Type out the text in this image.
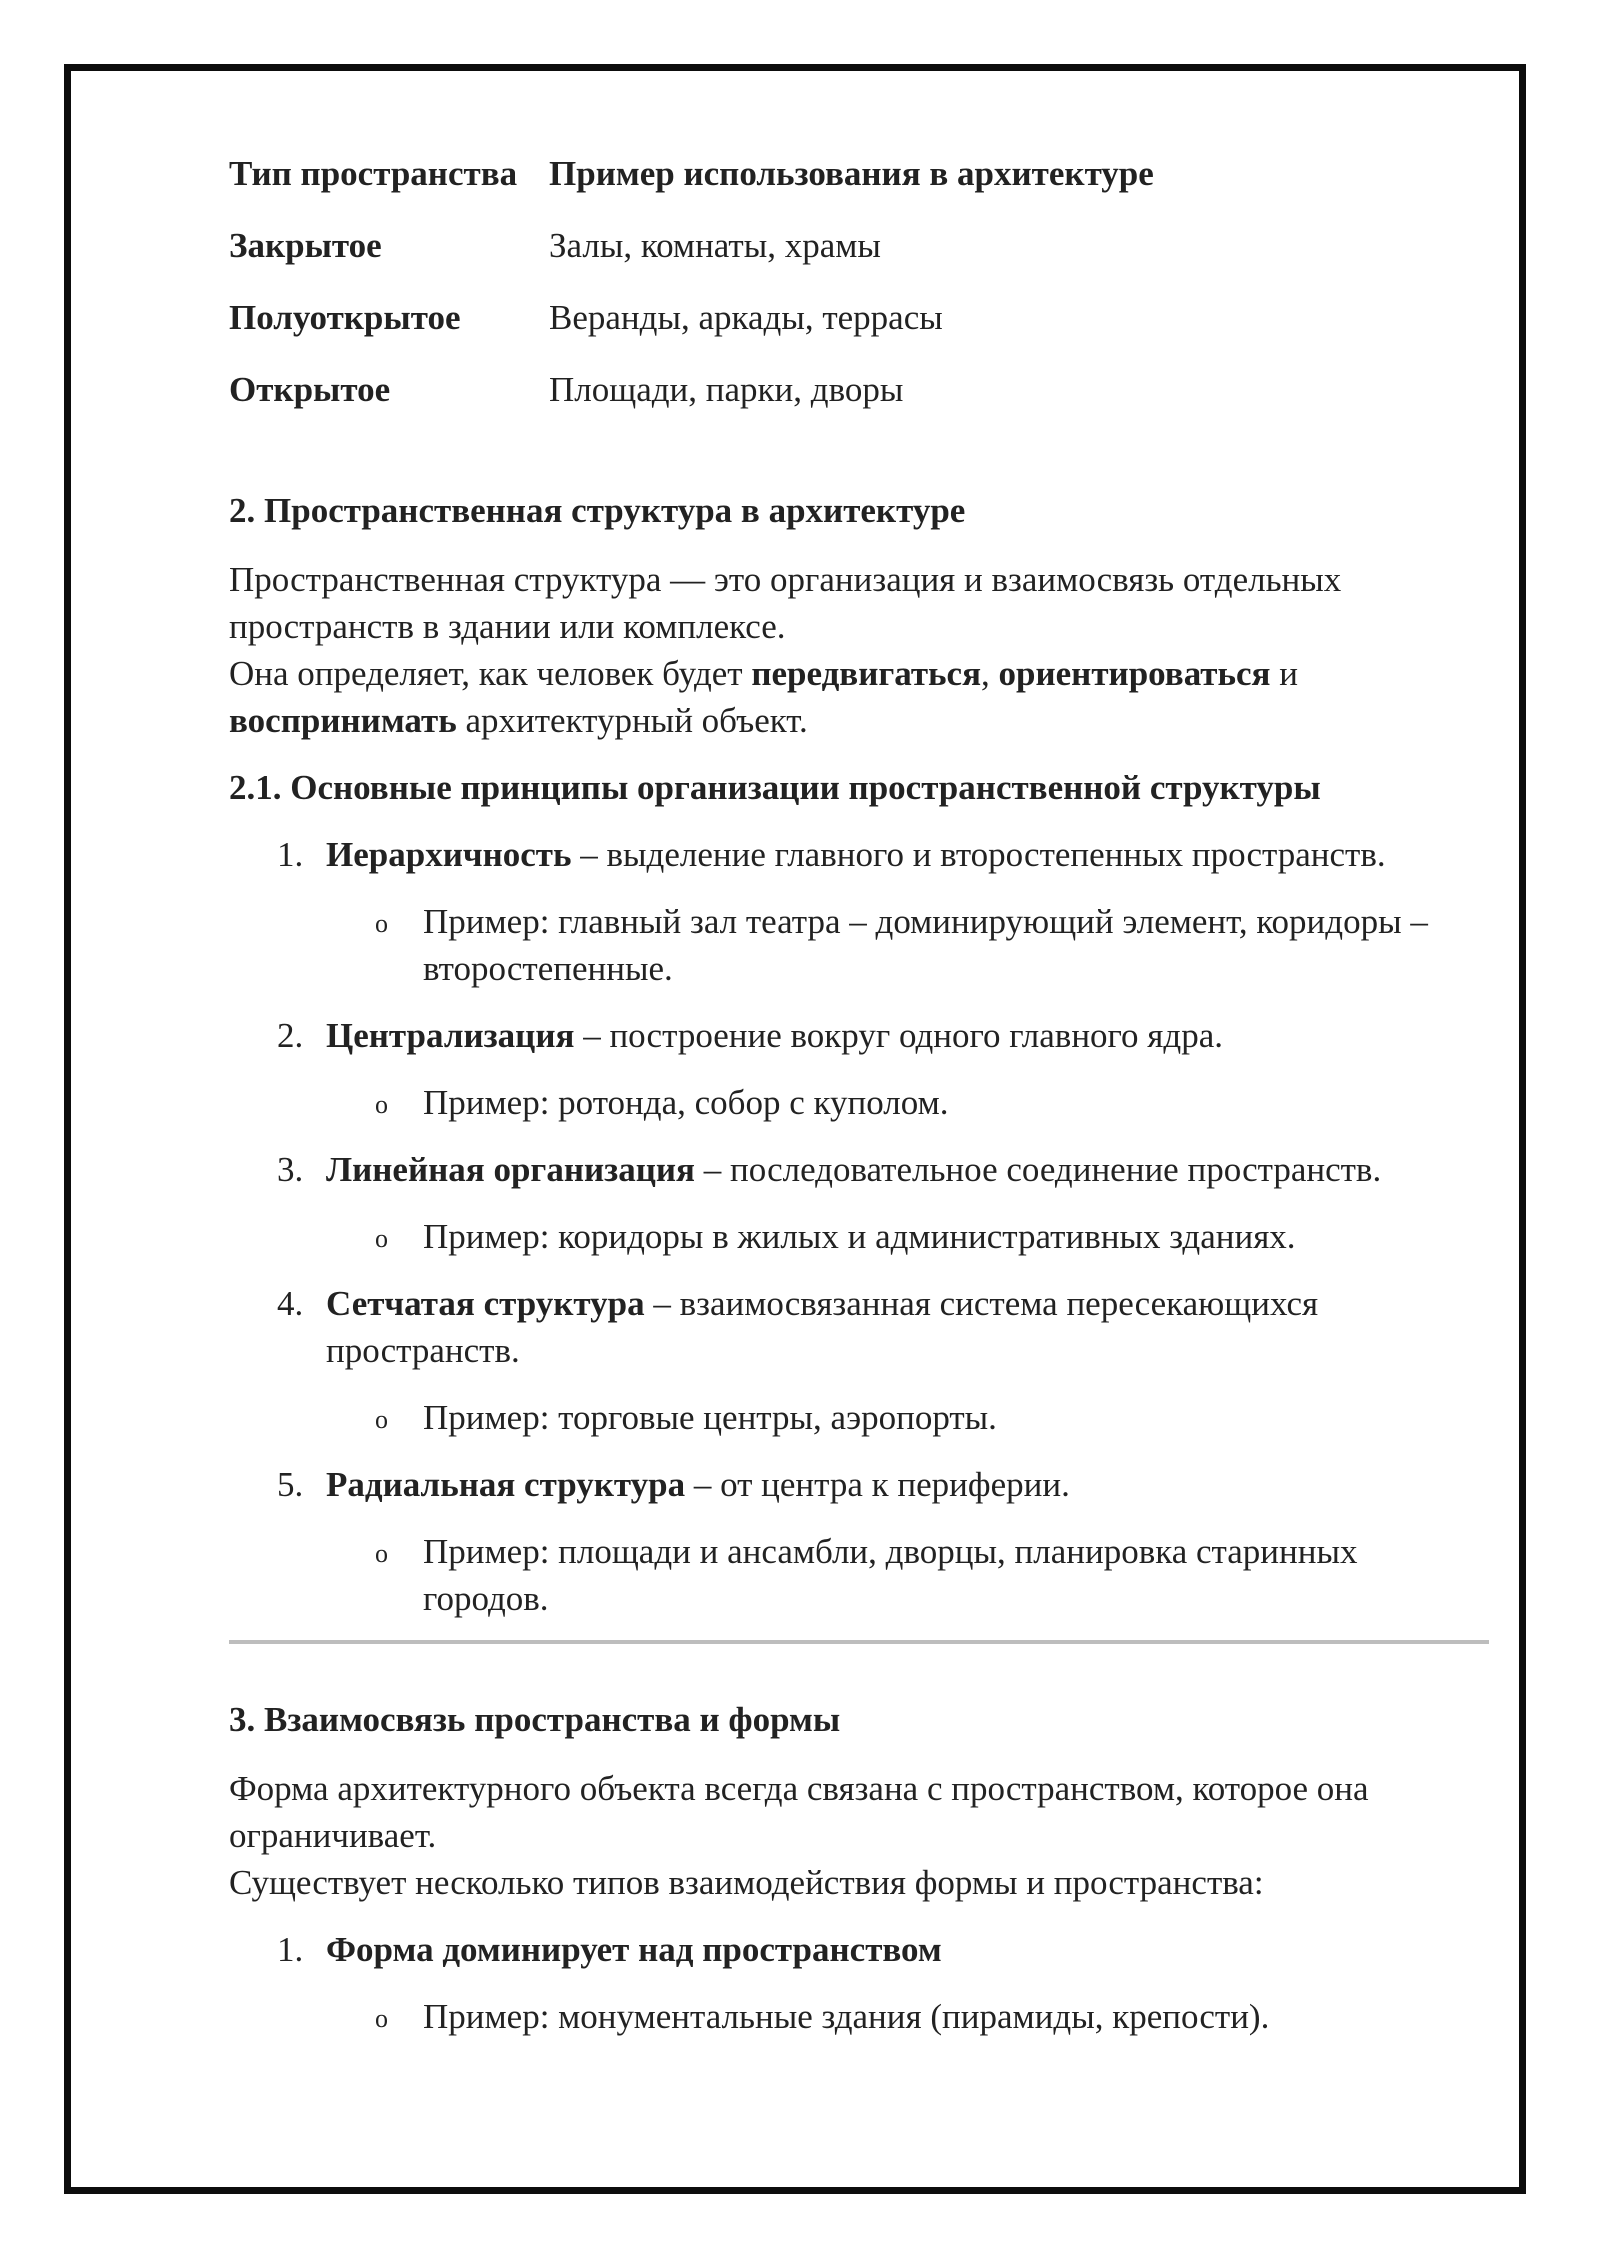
Тип пространства	Пример использования в архитектуре
Закрытое	Залы, комнаты, храмы
Полуоткрытое	Веранды, аркады, террасы
Открытое	Площади, парки, дворы
2. Пространственная структура в архитектуре

Пространственная структура — это организация и взаимосвязь отдельных пространств в здании или комплексе.

Она определяет, как человек будет передвигаться, ориентироваться и воспринимать архитектурный объект.

2.1. Основные принципы организации пространственной структуры
1. Иерархичность – выделение главного и второстепенных пространств.
o Пример: главный зал театра – доминирующий элемент, коридоры – второстепенные.
2. Централизация – построение вокруг одного главного ядра.
o Пример: ротонда, собор с куполом.
3. Линейная организация – последовательное соединение пространств.
o Пример: коридоры в жилых и административных зданиях.
4. Сетчатая структура – взаимосвязанная система пересекающихся пространств.
o Пример: торговые центры, аэропорты.
5. Радиальная структура – от центра к периферии.
o Пример: площади и ансамбли, дворцы, планировка старинных городов.
3. Взаимосвязь пространства и формы

Форма архитектурного объекта всегда связана с пространством, которое она ограничивает.

Существует несколько типов взаимодействия формы и пространства:

1. Форма доминирует над пространством
o Пример: монументальные здания (пирамиды, крепости).
